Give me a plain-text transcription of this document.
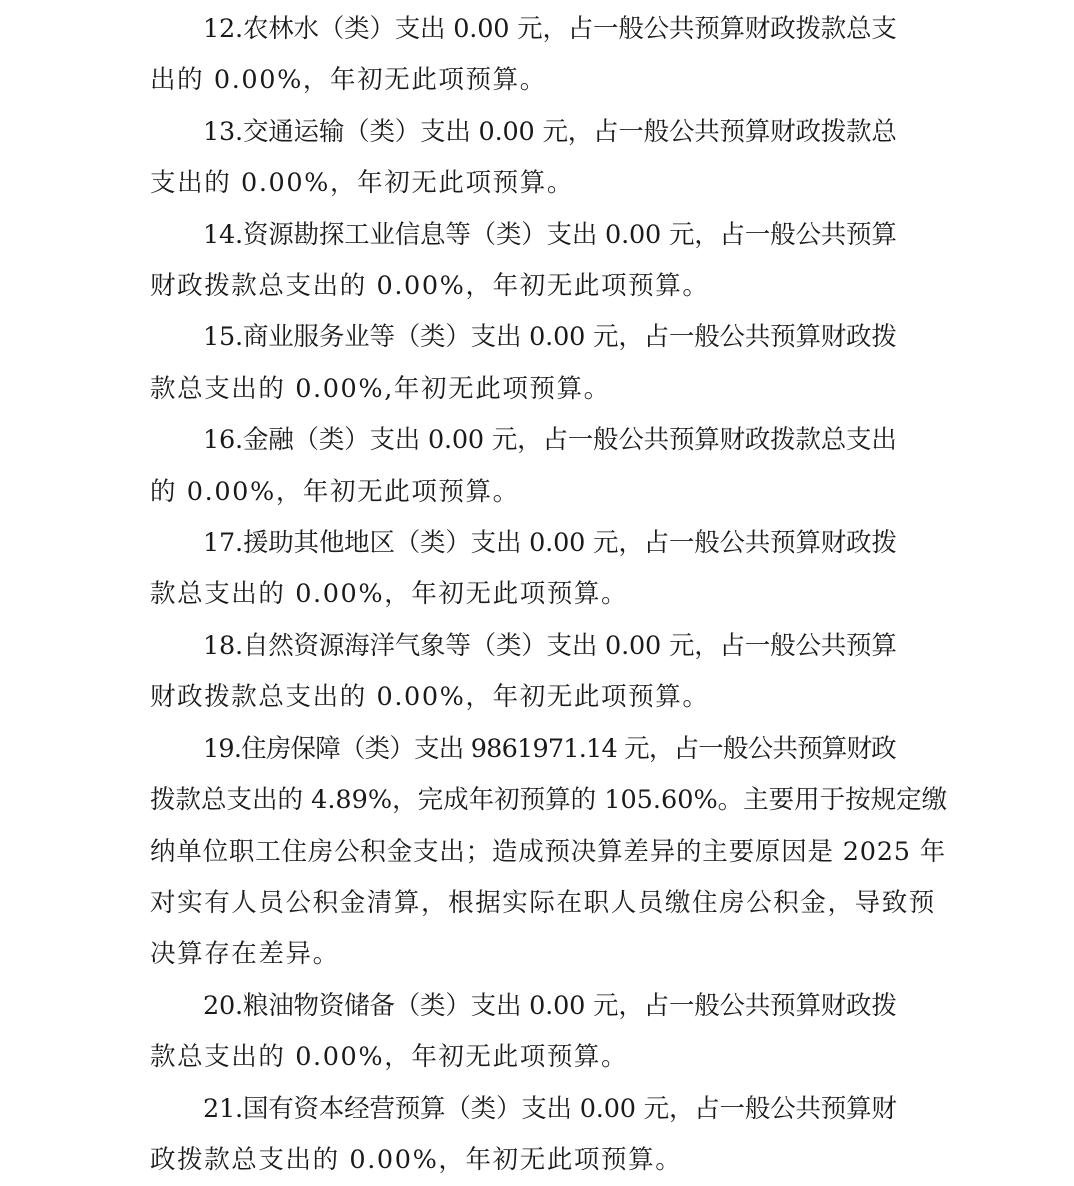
12.农林水（类）支出 0.00 元，占一般公共预算财政拨款总支
出的 0.00%，年初无此项预算。
13.交通运输（类）支出 0.00 元，占一般公共预算财政拨款总
支出的 0.00%，年初无此项预算。
14.资源勘探工业信息等（类）支出 0.00 元，占一般公共预算
财政拨款总支出的 0.00%，年初无此项预算。
15.商业服务业等（类）支出 0.00 元，占一般公共预算财政拨
款总支出的 0.00%,年初无此项预算。
16.金融（类）支出 0.00 元，占一般公共预算财政拨款总支出
的 0.00%，年初无此项预算。
17.援助其他地区（类）支出 0.00 元，占一般公共预算财政拨
款总支出的 0.00%，年初无此项预算。
18.自然资源海洋气象等（类）支出 0.00 元，占一般公共预算
财政拨款总支出的 0.00%，年初无此项预算。
19.住房保障（类）支出 9861971.14 元，占一般公共预算财政
拨款总支出的 4.89%，完成年初预算的 105.60%。主要用于按规定缴
纳单位职工住房公积金支出；造成预决算差异的主要原因是 2025 年
对实有人员公积金清算，根据实际在职人员缴住房公积金，导致预
决算存在差异。
20.粮油物资储备（类）支出 0.00 元，占一般公共预算财政拨
款总支出的 0.00%，年初无此项预算。
21.国有资本经营预算（类）支出 0.00 元，占一般公共预算财
政拨款总支出的 0.00%，年初无此项预算。
